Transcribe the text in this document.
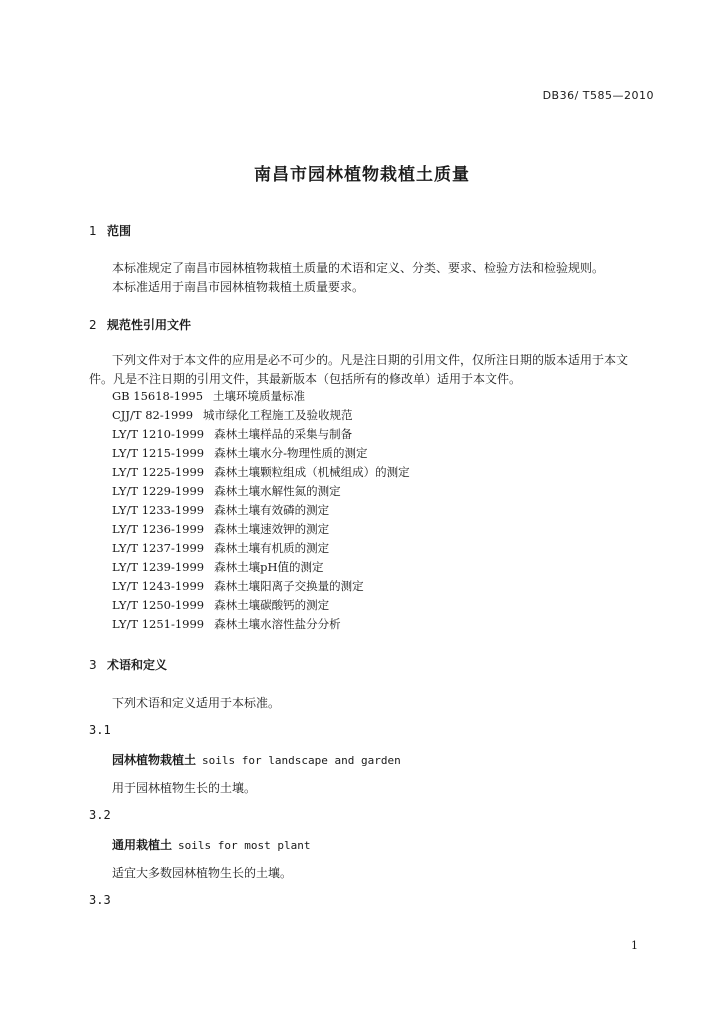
DB36/ T585—2010
南昌市园林植物栽植土质量
1 范围
本标准规定了南昌市园林植物栽植土质量的术语和定义、分类、要求、检验方法和检验规则。
本标准适用于南昌市园林植物栽植土质量要求。
2 规范性引用文件
下列文件对于本文件的应用是必不可少的。凡是注日期的引用文件，仅所注日期的版本适用于本文
件。凡是不注日期的引用文件，其最新版本（包括所有的修改单）适用于本文件。
GB 15618-1995 土壤环境质量标准
CJJ/T 82-1999 城市绿化工程施工及验收规范
LY/T 1210-1999 森林土壤样品的采集与制备
LY/T 1215-1999 森林土壤水分-物理性质的测定
LY/T 1225-1999 森林土壤颗粒组成（机械组成）的测定
LY/T 1229-1999 森林土壤水解性氮的测定
LY/T 1233-1999 森林土壤有效磷的测定
LY/T 1236-1999 森林土壤速效钾的测定
LY/T 1237-1999 森林土壤有机质的测定
LY/T 1239-1999 森林土壤pH值的测定
LY/T 1243-1999 森林土壤阳离子交换量的测定
LY/T 1250-1999 森林土壤碳酸钙的测定
LY/T 1251-1999 森林土壤水溶性盐分分析
3 术语和定义
下列术语和定义适用于本标准。
3.1
园林植物栽植土 soils for landscape and garden
用于园林植物生长的土壤。
3.2
通用栽植土 soils for most plant
适宜大多数园林植物生长的土壤。
3.3
1
